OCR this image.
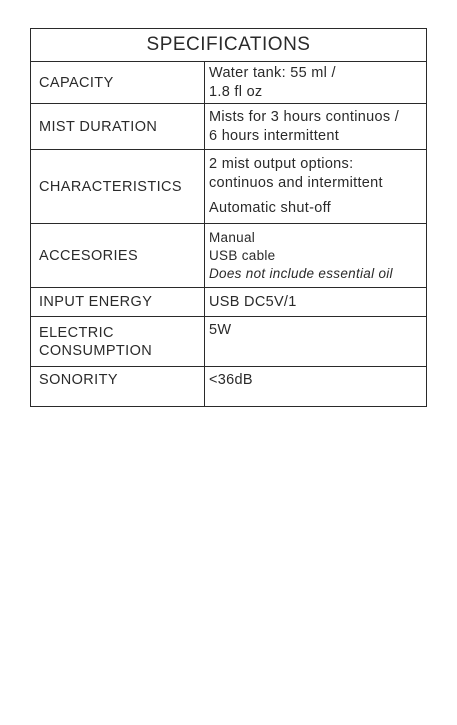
SPECIFICATIONS	
CAPACITY	Water tank: 55 ml /
1.8 fl oz

MIST DURATION	Mists for 3 hours continuos /
6 hours intermittent

CHARACTERISTICS	2 mist output options:
continuos and intermittent
Automatic shut-off

ACCESORIES	Manual
USB cable
Does not include essential oil

INPUT ENERGY	USB DC5V/1

ELECTRIC
CONSUMPTION	5W

SONORITY	<36dB
